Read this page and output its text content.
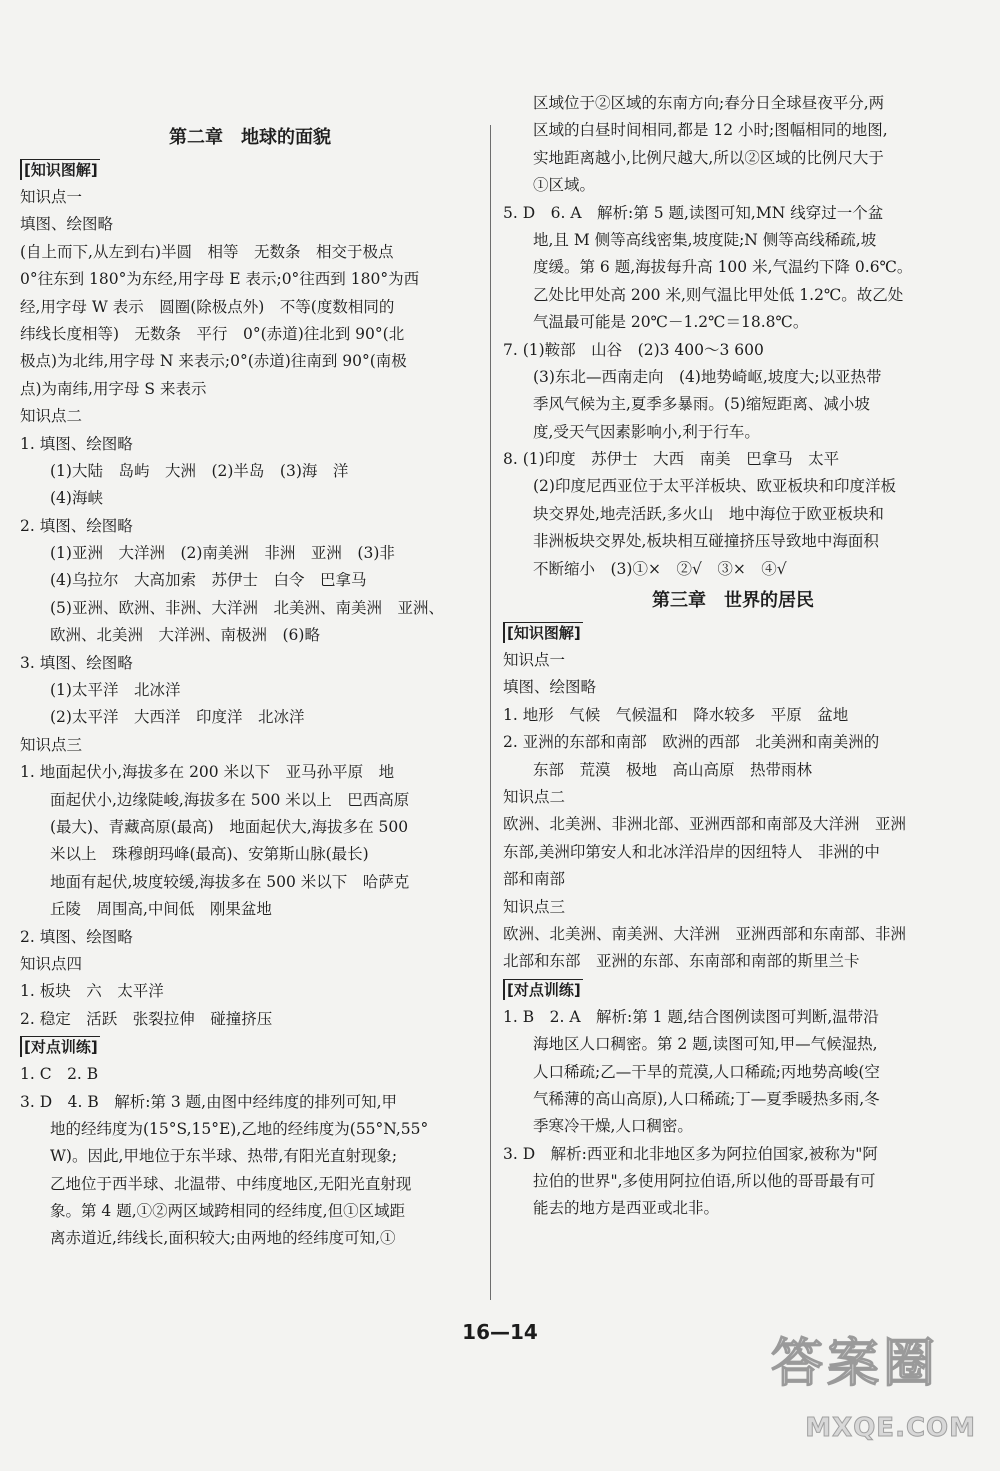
第二章　地球的面貌
[知识图解]
知识点一
填图、绘图略
(自上而下,从左到右)半圆　相等　无数条　相交于极点
0°往东到 180°为东经,用字母 E 表示;0°往西到 180°为西
经,用字母 W 表示　圆圈(除极点外)　不等(度数相同的
纬线长度相等)　无数条　平行　0°(赤道)往北到 90°(北
极点)为北纬,用字母 N 来表示;0°(赤道)往南到 90°(南极
点)为南纬,用字母 S 来表示
知识点二
1. 填图、绘图略
(1)大陆　岛屿　大洲　(2)半岛　(3)海　洋
(4)海峡
2. 填图、绘图略
(1)亚洲　大洋洲　(2)南美洲　非洲　亚洲　(3)非
(4)乌拉尔　大高加索　苏伊士　白令　巴拿马
(5)亚洲、欧洲、非洲、大洋洲　北美洲、南美洲　亚洲、
欧洲、北美洲　大洋洲、南极洲　(6)略
3. 填图、绘图略
(1)太平洋　北冰洋
(2)太平洋　大西洋　印度洋　北冰洋
知识点三
1. 地面起伏小,海拔多在 200 米以下　亚马孙平原　地
面起伏小,边缘陡峻,海拔多在 500 米以上　巴西高原
(最大)、青藏高原(最高)　地面起伏大,海拔多在 500
米以上　珠穆朗玛峰(最高)、安第斯山脉(最长)
地面有起伏,坡度较缓,海拔多在 500 米以下　哈萨克
丘陵　周围高,中间低　刚果盆地
2. 填图、绘图略
知识点四
1. 板块　六　太平洋
2. 稳定　活跃　张裂拉伸　碰撞挤压
[对点训练]
1. C　2. B
3. D　4. B　解析:第 3 题,由图中经纬度的排列可知,甲
地的经纬度为(15°S,15°E),乙地的经纬度为(55°N,55°
W)。因此,甲地位于东半球、热带,有阳光直射现象;
乙地位于西半球、北温带、中纬度地区,无阳光直射现
象。第 4 题,①②两区域跨相同的经纬度,但①区域距
离赤道近,纬线长,面积较大;由两地的经纬度可知,①
区域位于②区域的东南方向;春分日全球昼夜平分,两
区域的白昼时间相同,都是 12 小时;图幅相同的地图,
实地距离越小,比例尺越大,所以②区域的比例尺大于
①区域。
5. D　6. A　解析:第 5 题,读图可知,MN 线穿过一个盆
地,且 M 侧等高线密集,坡度陡;N 侧等高线稀疏,坡
度缓。第 6 题,海拔每升高 100 米,气温约下降 0.6℃。
乙处比甲处高 200 米,则气温比甲处低 1.2℃。故乙处
气温最可能是 20℃－1.2℃＝18.8℃。
7. (1)鞍部　山谷　(2)3 400～3 600
(3)东北—西南走向　(4)地势崎岖,坡度大;以亚热带
季风气候为主,夏季多暴雨。(5)缩短距离、减小坡
度,受天气因素影响小,利于行车。
8. (1)印度　苏伊士　大西　南美　巴拿马　太平
(2)印度尼西亚位于太平洋板块、欧亚板块和印度洋板
块交界处,地壳活跃,多火山　地中海位于欧亚板块和
非洲板块交界处,板块相互碰撞挤压导致地中海面积
不断缩小　(3)①×　②√　③×　④√
第三章　世界的居民
[知识图解]
知识点一
填图、绘图略
1. 地形　气候　气候温和　降水较多　平原　盆地
2. 亚洲的东部和南部　欧洲的西部　北美洲和南美洲的
东部　荒漠　极地　高山高原　热带雨林
知识点二
欧洲、北美洲、非洲北部、亚洲西部和南部及大洋洲　亚洲
东部,美洲印第安人和北冰洋沿岸的因纽特人　非洲的中
部和南部
知识点三
欧洲、北美洲、南美洲、大洋洲　亚洲西部和东南部、非洲
北部和东部　亚洲的东部、东南部和南部的斯里兰卡
[对点训练]
1. B　2. A　解析:第 1 题,结合图例读图可判断,温带沿
海地区人口稠密。第 2 题,读图可知,甲—气候湿热,
人口稀疏;乙—干旱的荒漠,人口稀疏;丙地势高峻(空
气稀薄的高山高原),人口稀疏;丁—夏季暖热多雨,冬
季寒冷干燥,人口稠密。
3. D　解析:西亚和北非地区多为阿拉伯国家,被称为"阿
拉伯的世界",多使用阿拉伯语,所以他的哥哥最有可
能去的地方是西亚或北非。
16—14
答案圈
MXQE.COM
